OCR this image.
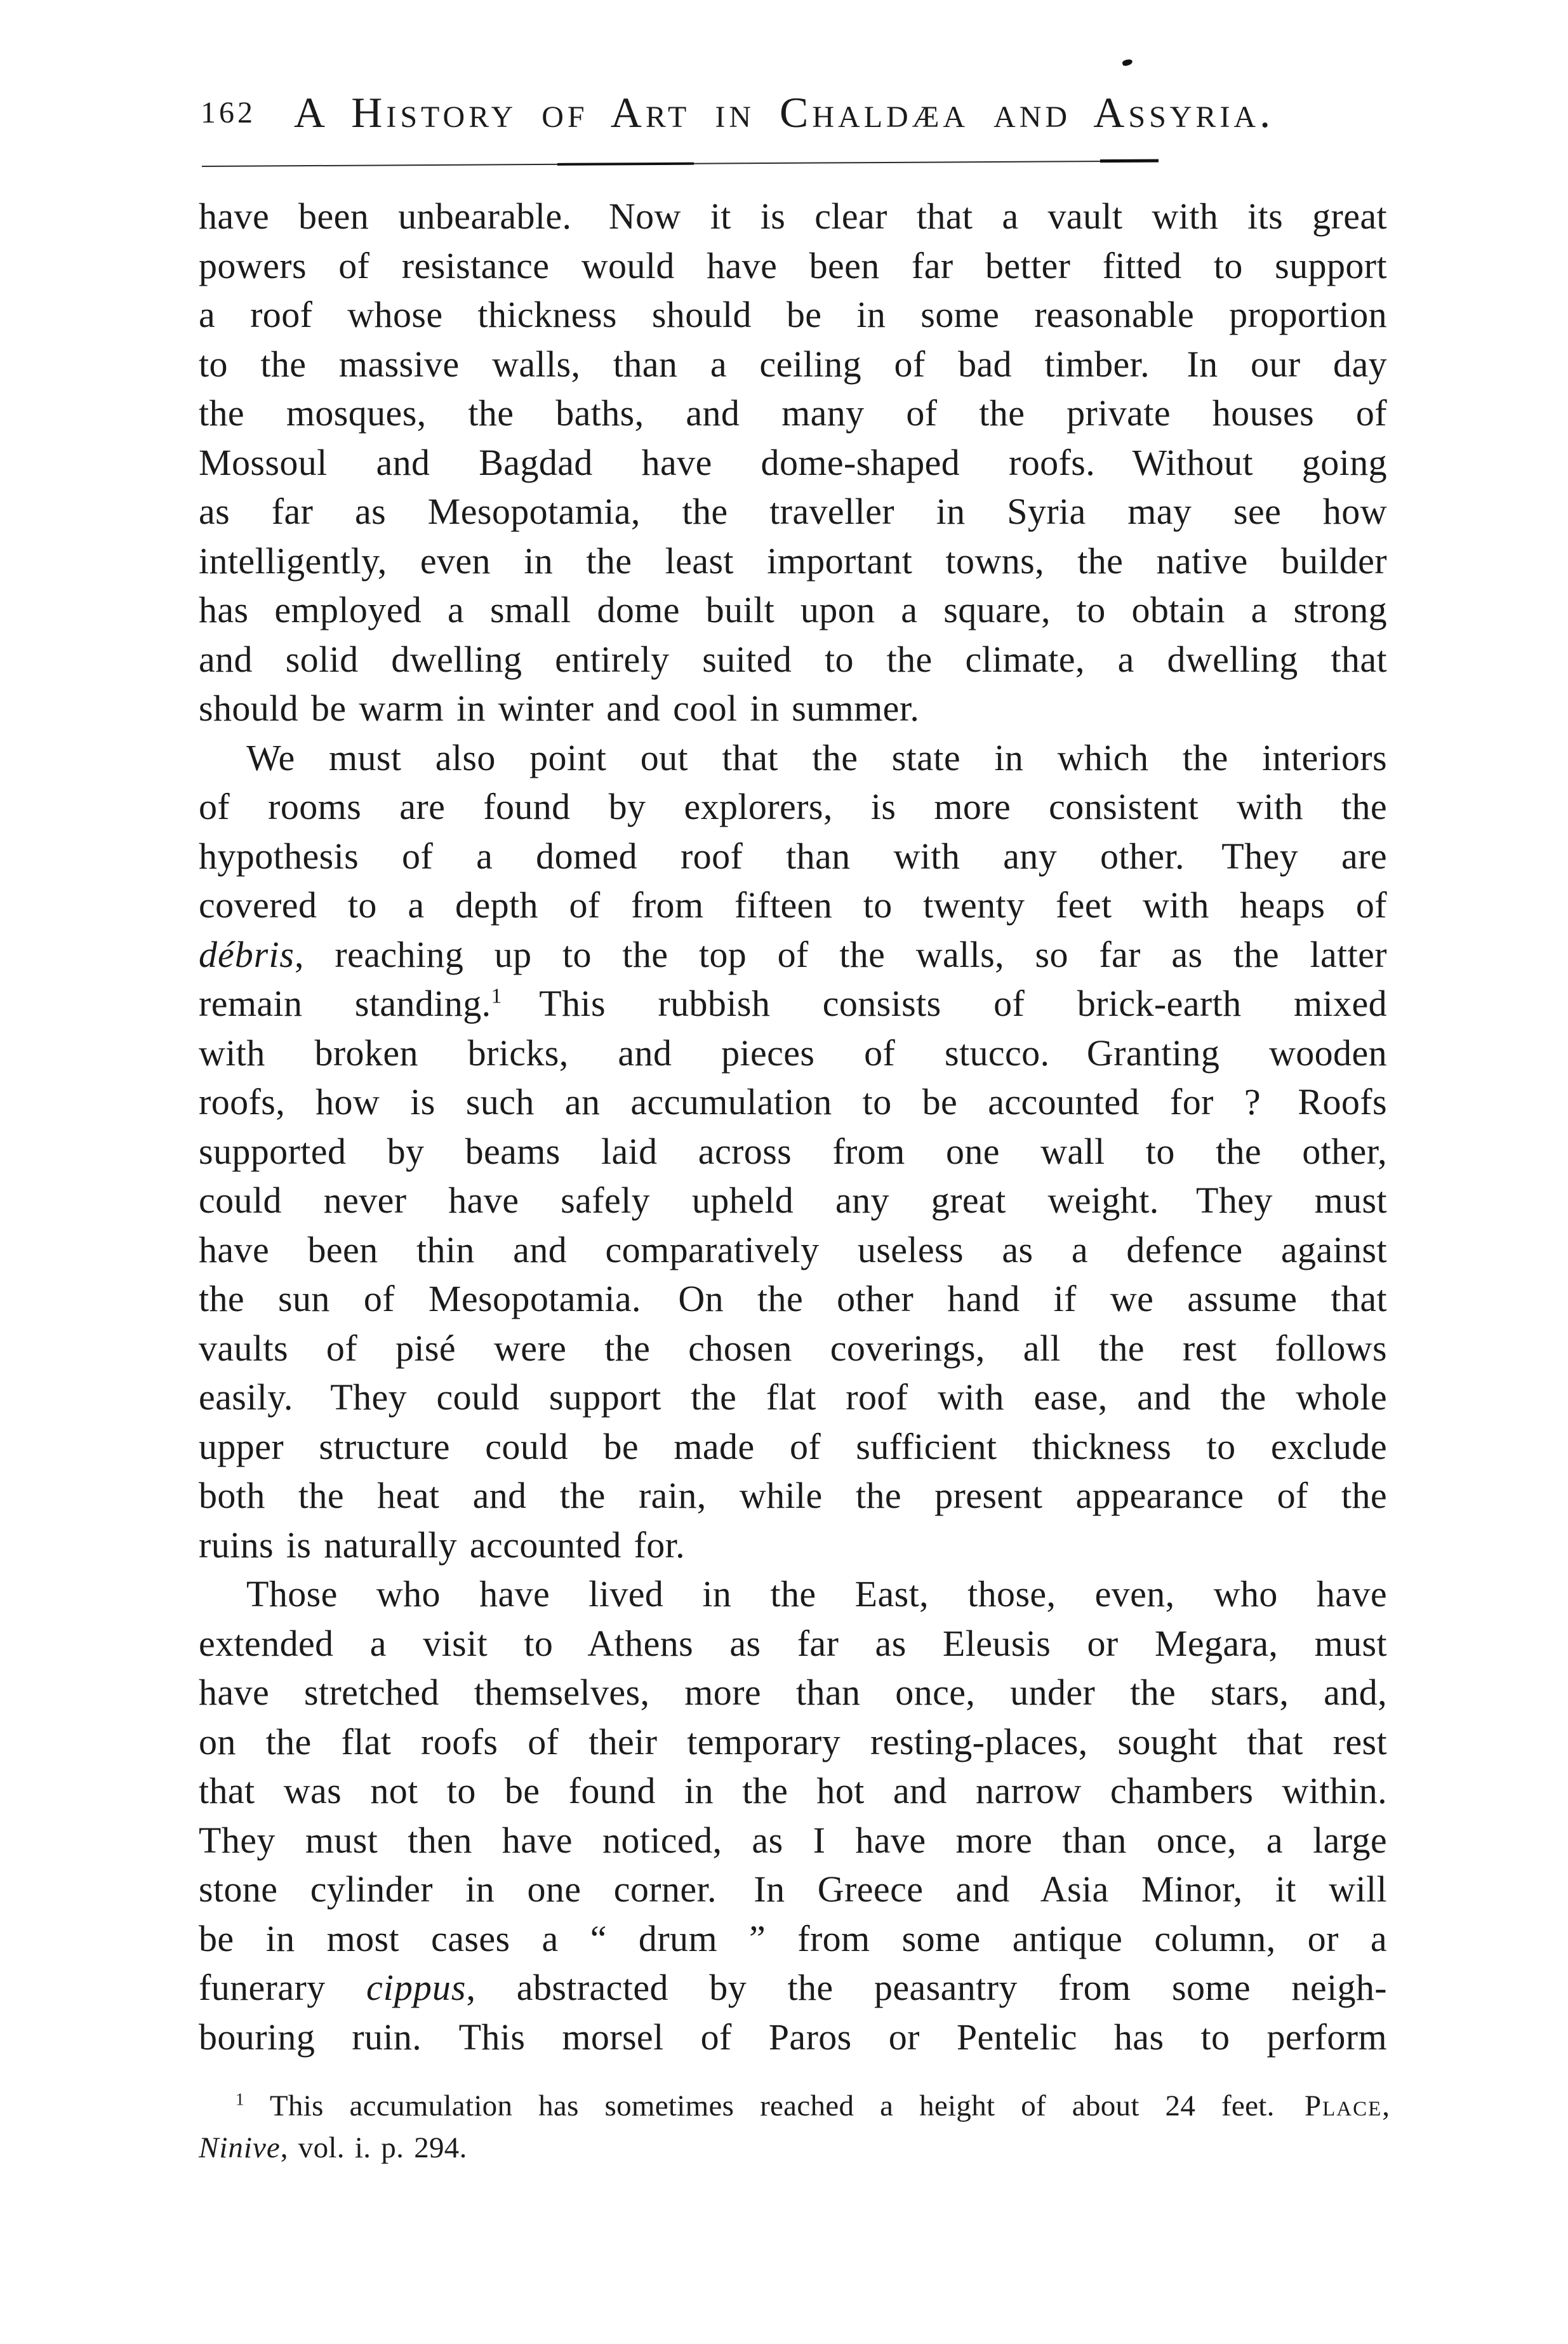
162 A History of Art in Chaldæa and Assyria.
have been unbearable. Now it is clear that a vault with its great
powers of resistance would have been far better fitted to support
a roof whose thickness should be in some reasonable proportion
to the massive walls, than a ceiling of bad timber. In our day
the mosques, the baths, and many of the private houses of
Mossoul and Bagdad have dome-shaped roofs. Without going
as far as Mesopotamia, the traveller in Syria may see how
intelligently, even in the least important towns, the native builder
has employed a small dome built upon a square, to obtain a strong
and solid dwelling entirely suited to the climate, a dwelling that
should be warm in winter and cool in summer.
We must also point out that the state in which the interiors
of rooms are found by explorers, is more consistent with the
hypothesis of a domed roof than with any other. They are
covered to a depth of from fifteen to twenty feet with heaps of
débris, reaching up to the top of the walls, so far as the latter
remain standing.$^1$ This rubbish consists of brick-earth mixed
with broken bricks, and pieces of stucco. Granting wooden
roofs, how is such an accumulation to be accounted for ? Roofs
supported by beams laid across from one wall to the other,
could never have safely upheld any great weight. They must
have been thin and comparatively useless as a defence against
the sun of Mesopotamia. On the other hand if we assume that
vaults of pisé were the chosen coverings, all the rest follows
easily. They could support the flat roof with ease, and the whole
upper structure could be made of sufficient thickness to exclude
both the heat and the rain, while the present appearance of the
ruins is naturally accounted for.
Those who have lived in the East, those, even, who have
extended a visit to Athens as far as Eleusis or Megara, must
have stretched themselves, more than once, under the stars, and,
on the flat roofs of their temporary resting-places, sought that rest
that was not to be found in the hot and narrow chambers within.
They must then have noticed, as I have more than once, a large
stone cylinder in one corner. In Greece and Asia Minor, it will
be in most cases a “ drum ” from some antique column, or a
funerary cippus, abstracted by the peasantry from some neigh-
bouring ruin. This morsel of Paros or Pentelic has to perform
$^1$ This accumulation has sometimes reached a height of about 24 feet. Place,
Ninive, vol. i. p. 294.
